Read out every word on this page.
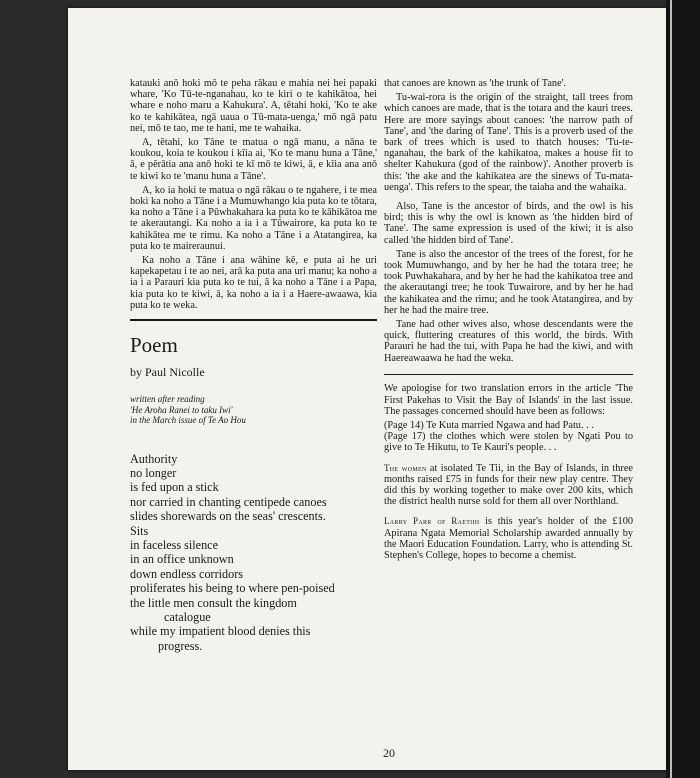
katauki anō hoki mō te peha rākau e mahia nei hei papaki whare, 'Ko Tū-te-nganahau, ko te kiri o te kahikātoa, hei whare e noho maru a Kahukura'. A, tētahi hoki, 'Ko te ake ko te kahikātea, ngā uaua o Tū-mata-uenga,' mō ngā patu nei, mō te tao, me te hani, me te wahaika.

A, tētahi, ko Tāne te matua o ngā manu, a nāna te koukou, koia te koukou i kīia ai, 'Ko te manu huna a Tāne,' ā, e pērātia ana anō hoki te kī mō te kiwi, ā, e kīia ana anō te kiwi ko te 'manu huna a Tāne'.

A, ko ia hoki te matua o ngā rākau o te ngahere, i te mea hoki ka noho a Tāne i a Mumuwhango kia puta ko te tōtara, ka noho a Tāne i a Pūwhakahara ka puta ko te kāhikātoa me te akerautangi. Ka noho a ia i a Tūwairore, ka puta ko te kahikātea me te rimu. Ka noho a Tāne i a Atatangirea, ka puta ko te maireraunui.

Ka noho a Tāne i ana wāhine kē, e puta ai he uri kapekapetau i te ao nei, arā ka puta ana uri manu; ka noho a ia i a Parauri kia puta ko te tui, ā ka noho a Tāne i a Papa, kia puta ko te kiwi, ā, ka noho a ia i a Haere-awaawa, kia puta ko te weka.

Poem
by Paul Nicolle
written after reading
'He Aroha Ranei to taku Iwi'
in the March issue of Te Ao Hou
Authority
no longer
is fed upon a stick
nor carried in chanting centipede canoes
slides shorewards on the seas' crescents.
Sits
in faceless silence
in an office unknown
down endless corridors
proliferates his being to where pen-poised
the little men consult the kingdom
catalogue
while my impatient blood denies this
progress.

that canoes are known as 'the trunk of Tane'.

Tu-wai-rora is the origin of the straight, tall trees from which canoes are made, that is the totara and the kauri trees. Here are more sayings about canoes: 'the narrow path of Tane', and 'the daring of Tane'. This is a proverb used of the bark of trees which is used to thatch houses: 'Tu-te-nganahau, the bark of the kahikatoa, makes a house fit to shelter Kahukura (god of the rainbow)'. Another proverb is this: 'the ake and the kahikatea are the sinews of Tu-mata-uenga'. This refers to the spear, the taiaha and the wahaika.

Also, Tane is the ancestor of birds, and the owl is his bird; this is why the owl is known as 'the hidden bird of Tane'. The same expression is used of the kiwi; it is also called 'the hidden bird of Tane'.

Tane is also the ancestor of the trees of the forest, for he took Mumuwhango, and by her he had the totara tree; he took Puwhakahara, and by her he had the kahikatoa tree and the akerautangi tree; he took Tuwairore, and by her he had the kahikatea and the rimu; and he took Atatangirea, and by her he had the maire tree.

Tane had other wives also, whose descendants were the quick, fluttering creatures of this world, the birds. With Parauri he had the tui, with Papa he had the kiwi, and with Haereawaawa he had the weka.

We apologise for two translation errors in the article 'The First Pakehas to Visit the Bay of Islands' in the last issue. The passages concerned should have been as follows:

(Page 14) Te Kuta married Ngawa and had Patu. . .

(Page 17) the clothes which were stolen by Ngati Pou to give to Te Hikutu, to Te Kauri's people. . .

The women at isolated Te Tii, in the Bay of Islands, in three months raised £75 in funds for their new play centre. They did this by working together to make over 200 kits, which the district health nurse sold for them all over Northland.

Larry Parr of Raetihi is this year's holder of the £100 Apirana Ngata Memorial Scholarship awarded annually by the Maori Education Foundation. Larry, who is attending St. Stephen's College, hopes to become a chemist.

20
